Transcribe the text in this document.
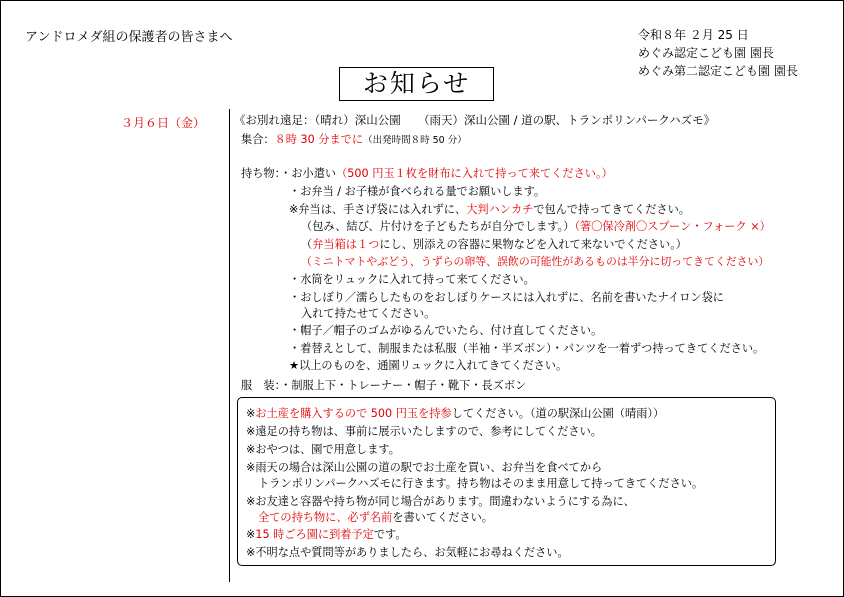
アンドロメダ組の保護者の皆さまへ	令和８年 ２月 25 日
めぐみ認定こども園 園長
めぐみ第二認定こども園 園長
お知らせ
３月６日（金）	《お別れ遠足：（晴れ）深山公園　　（雨天）深山公園 / 道の駅、トランポリンパークハズモ》
集合：８時 30 分までに（出発時間８時 50 分）
持ち物：・お小遣い（500 円玉１枚を財布に入れて持って来てください。）
・お弁当 / お子様が食べられる量でお願いします。
※弁当は、手さげ袋には入れずに、大判ハンカチで包んで持ってきてください。
（包み、結び、片付けを子どもたちが自分でします。）（箸〇保冷剤〇スプーン・フォーク ×）
（弁当箱は１つにし、別添えの容器に果物などを入れて来ないでください。）
（ミニトマトやぶどう、うずらの卵等、誤飲の可能性があるものは半分に切ってきてください）
・水筒をリュックに入れて持って来てください。
・おしぼり／濡らしたものをおしぼりケースには入れずに、名前を書いたナイロン袋に
入れて持たせてください。
・帽子／帽子のゴムがゆるんでいたら、付け直してください。
・着替えとして、制服または私服（半袖・半ズボン）・パンツを一着ずつ持ってきてください。
★以上のものを、通園リュックに入れてきてください。
服　装：・制服上下・トレーナー・帽子・靴下・長ズボン
※お土産を購入するので 500 円玉を持参してください。（道の駅深山公園（晴雨））
※遠足の持ち物は、事前に展示いたしますので、参考にしてください。
※おやつは、園で用意します。
※雨天の場合は深山公園の道の駅でお土産を買い、お弁当を食べてから
トランポリンパークハズモに行きます。持ち物はそのまま用意して持ってきてください。
※お友達と容器や持ち物が同じ場合があります。間違わないようにする為に、
全ての持ち物に、必ず名前を書いてください。
※15 時ごろ園に到着予定です。
※不明な点や質問等がありましたら、お気軽にお尋ねください。
